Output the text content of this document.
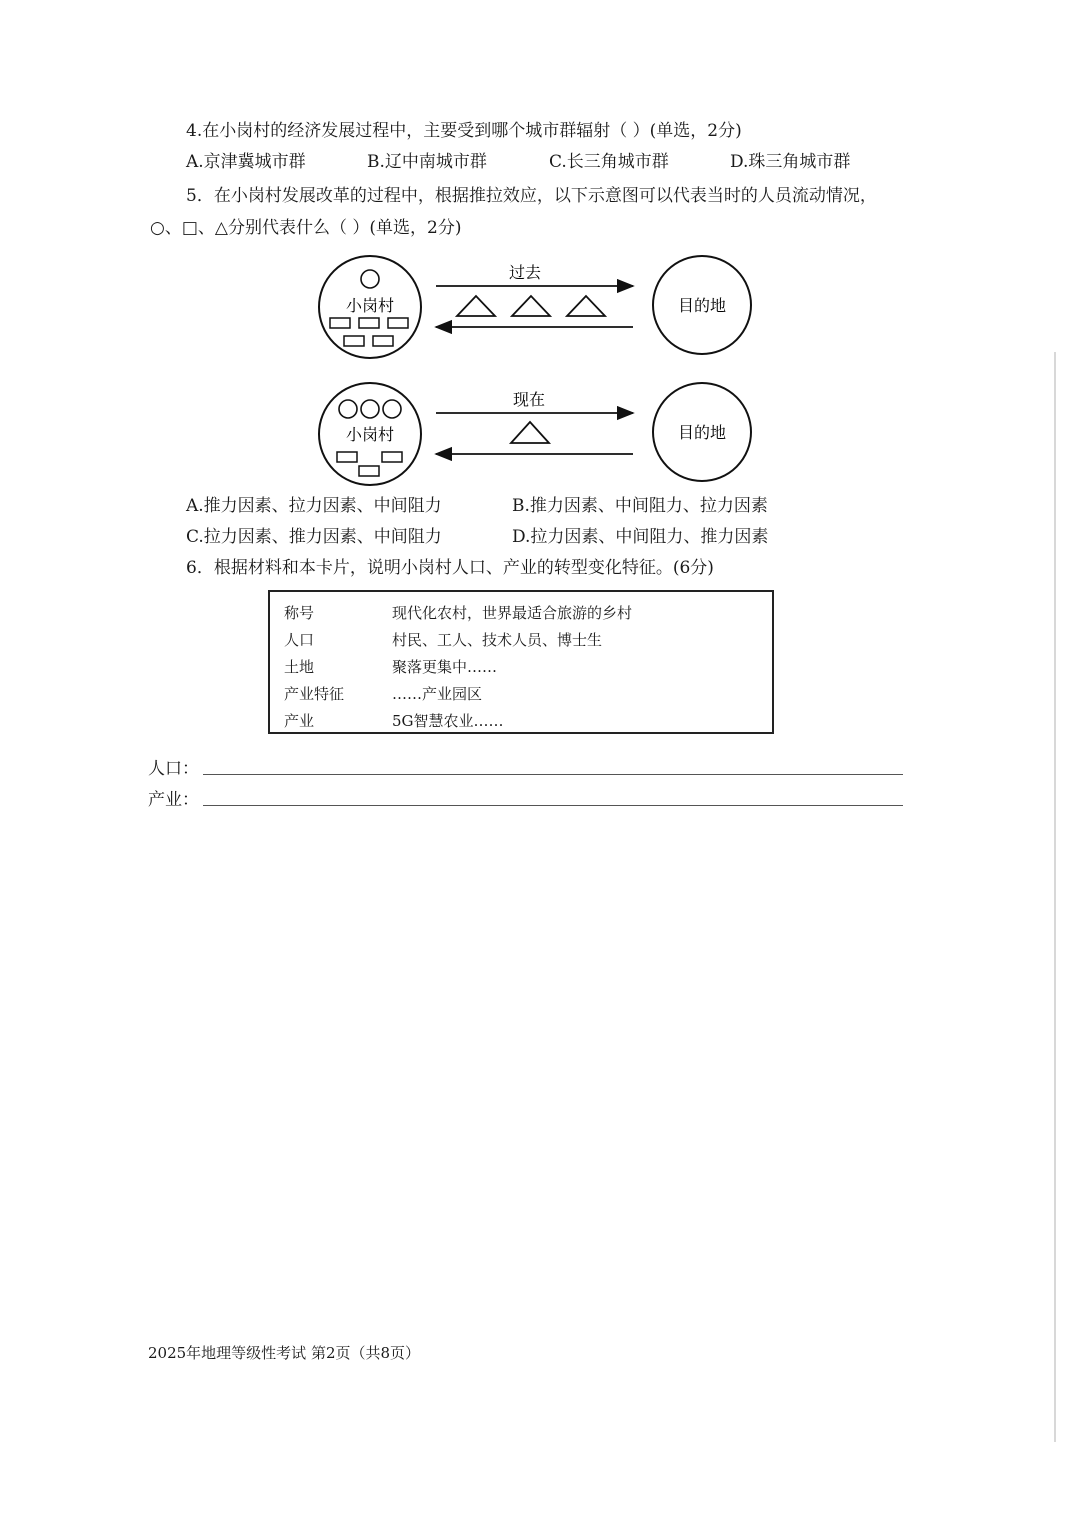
4.在小岗村的经济发展过程中，主要受到哪个城市群辐射（ ）(单选，2分)
A.京津冀城市群	B.辽中南城市群	C.长三角城市群	D.珠三角城市群
5．在小岗村发展改革的过程中，根据推拉效应，以下示意图可以代表当时的人员流动情况，
○、□、△分别代表什么（ ）(单选，2分)
小岗村
过去
目的地
小岗村
现在
目的地
A.推力因素、拉力因素、中间阻力	B.推力因素、中间阻力、拉力因素
C.拉力因素、推力因素、中间阻力	D.拉力因素、中间阻力、推力因素
6．根据材料和本卡片，说明小岗村人口、产业的转型变化特征。(6分)
称号	现代化农村，世界最适合旅游的乡村
人口	村民、工人、技术人员、博士生
土地	聚落更集中……
产业特征	……产业园区
产业	5G智慧农业……
人口：
产业：
2025年地理等级性考试 第2页（共8页）
